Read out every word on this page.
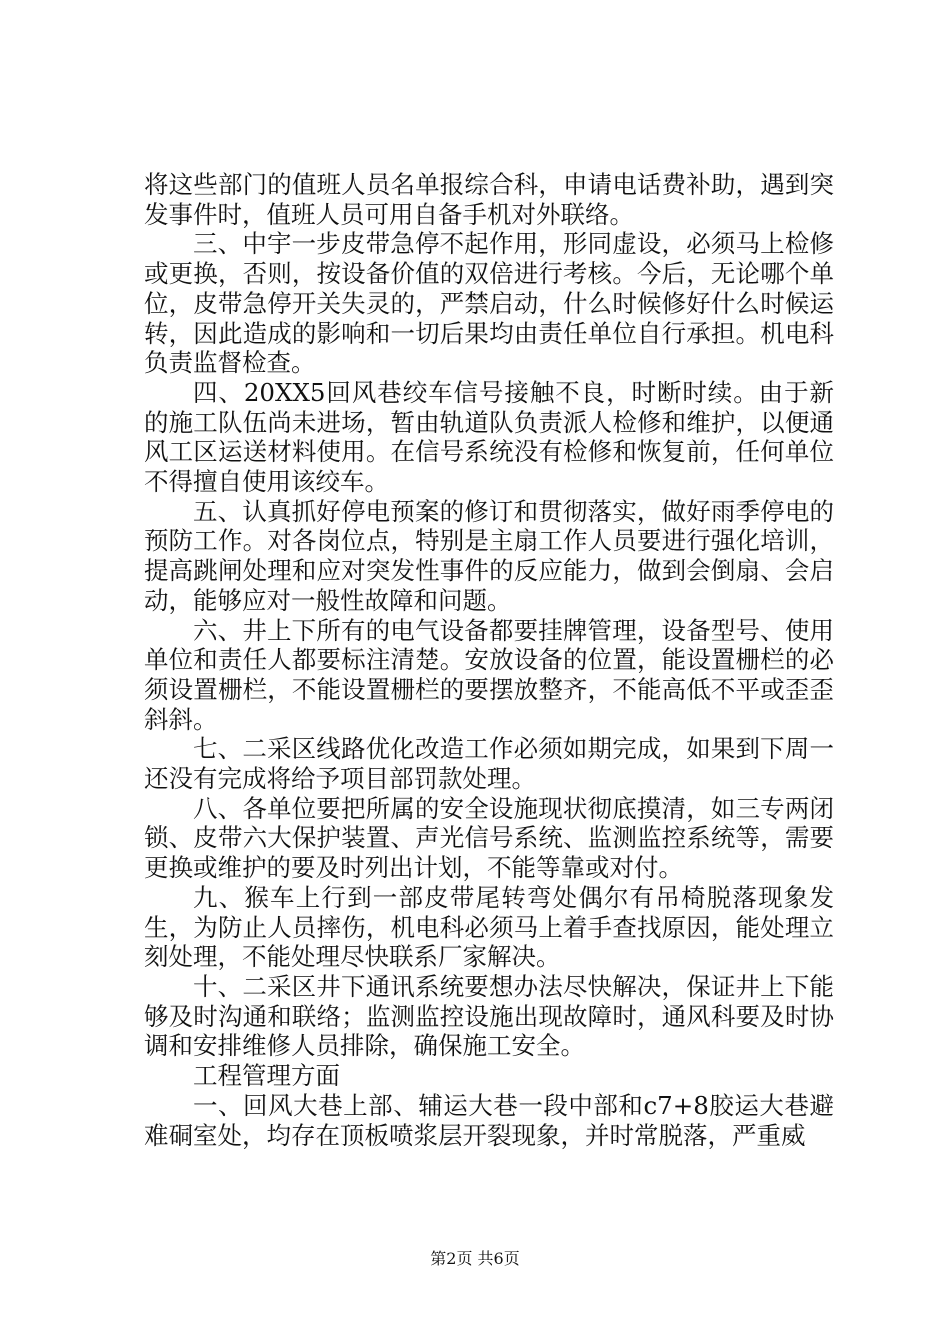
将这些部门的值班人员名单报综合科，申请电话费补助，遇到突发事件时，值班人员可用自备手机对外联络。

三、中宇一步皮带急停不起作用，形同虚设，必须马上检修或更换，否则，按设备价值的双倍进行考核。今后，无论哪个单位，皮带急停开关失灵的，严禁启动，什么时候修好什么时候运转，因此造成的影响和一切后果均由责任单位自行承担。机电科负责监督检查。

四、20XX5回风巷绞车信号接触不良，时断时续。由于新的施工队伍尚未进场，暂由轨道队负责派人检修和维护，以便通风工区运送材料使用。在信号系统没有检修和恢复前，任何单位不得擅自使用该绞车。

五、认真抓好停电预案的修订和贯彻落实，做好雨季停电的预防工作。对各岗位点，特别是主扇工作人员要进行强化培训，提高跳闸处理和应对突发性事件的反应能力，做到会倒扇、会启动，能够应对一般性故障和问题。

六、井上下所有的电气设备都要挂牌管理，设备型号、使用单位和责任人都要标注清楚。安放设备的位置，能设置栅栏的必须设置栅栏，不能设置栅栏的要摆放整齐，不能高低不平或歪歪斜斜。

七、二采区线路优化改造工作必须如期完成，如果到下周一还没有完成将给予项目部罚款处理。

八、各单位要把所属的安全设施现状彻底摸清，如三专两闭锁、皮带六大保护装置、声光信号系统、监测监控系统等，需要更换或维护的要及时列出计划，不能等靠或对付。

九、猴车上行到一部皮带尾转弯处偶尔有吊椅脱落现象发生，为防止人员摔伤，机电科必须马上着手查找原因，能处理立刻处理，不能处理尽快联系厂家解决。

十、二采区井下通讯系统要想办法尽快解决，保证井上下能够及时沟通和联络；监测监控设施出现故障时，通风科要及时协调和安排维修人员排除，确保施工安全。

工程管理方面

一、回风大巷上部、辅运大巷一段中部和c7+8胶运大巷避难硐室处，均存在顶板喷浆层开裂现象，并时常脱落，严重威

第2页 共6页
